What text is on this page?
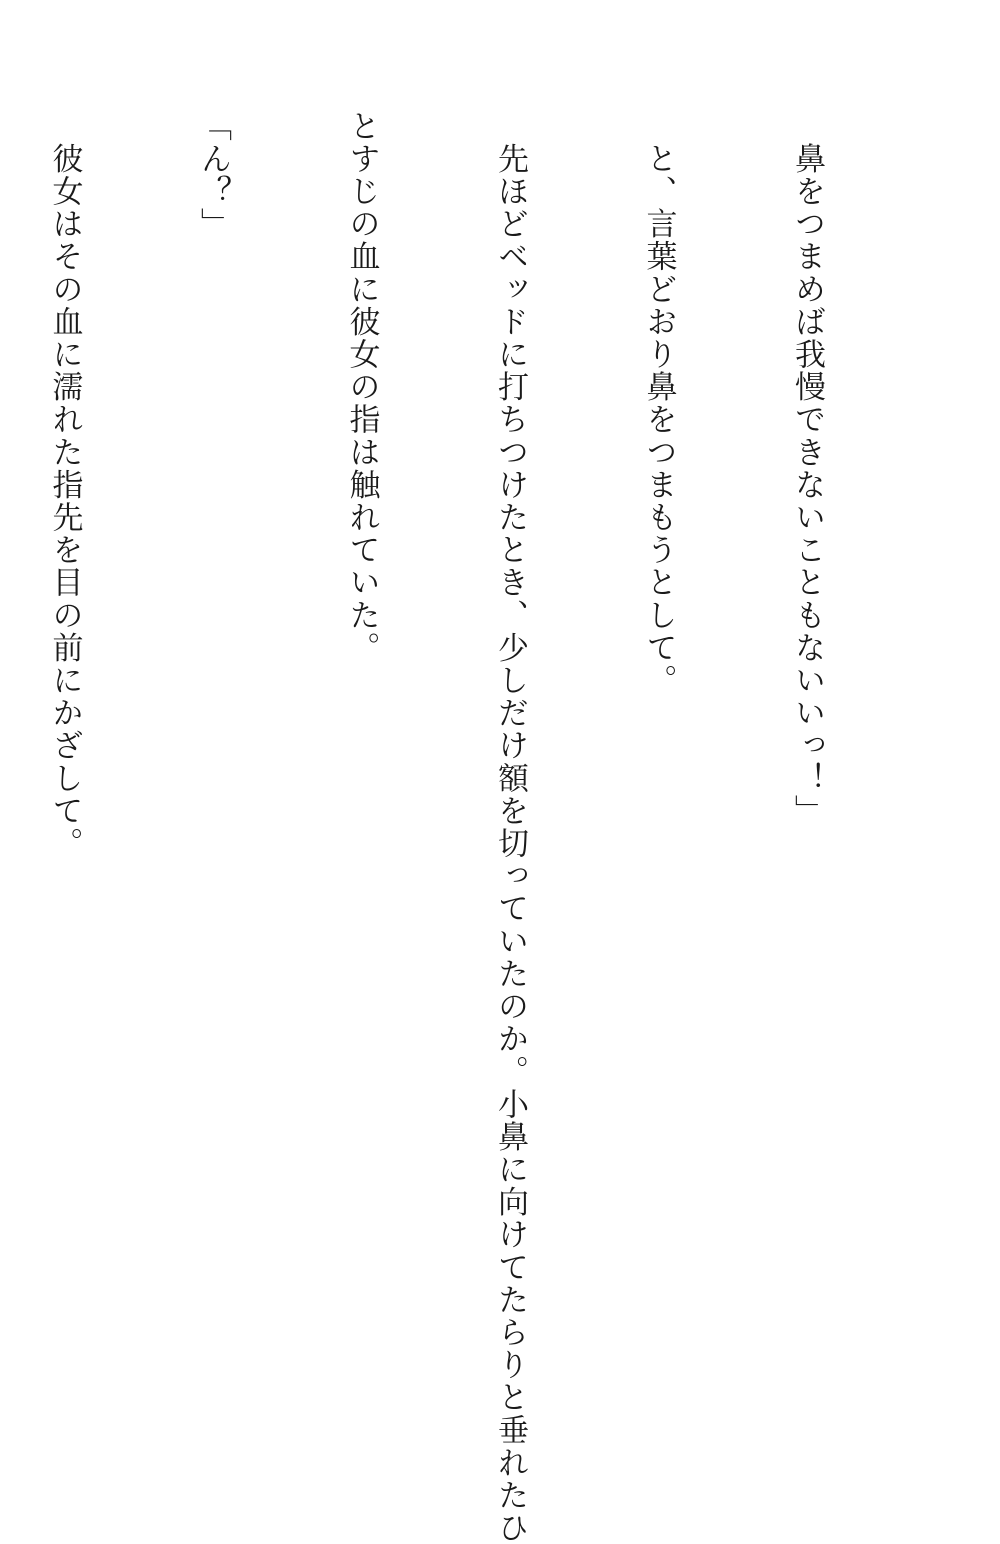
　鼻をつまめば我慢できないこともないいっ！」

　と、言葉どおり鼻をつまもうとして。

　先ほどベッドに打ちつけたとき、少しだけ額を切っていたのか。小鼻に向けてたらりと垂れたひ

とすじの血に彼女の指は触れていた。

「ん？」

　彼女はその血に濡れた指先を目の前にかざして。
